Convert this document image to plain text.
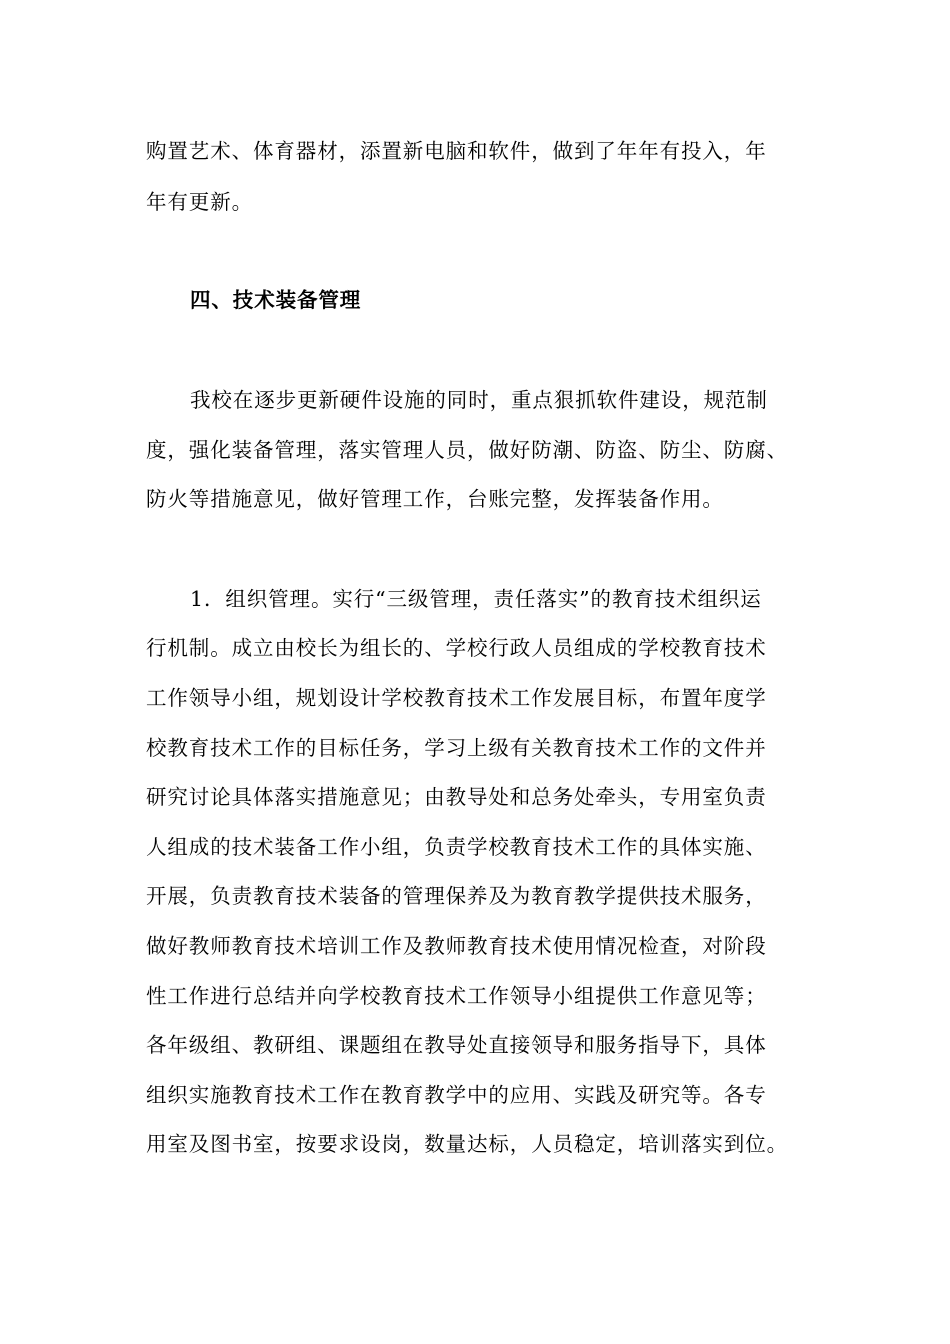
购置艺术、体育器材，添置新电脑和软件，做到了年年有投入，年
年有更新。
四、技术装备管理
我校在逐步更新硬件设施的同时，重点狠抓软件建设，规范制
度，强化装备管理，落实管理人员，做好防潮、防盗、防尘、防腐、
防火等措施意见，做好管理工作，台账完整，发挥装备作用。
1．组织管理。实行“三级管理，责任落实”的教育技术组织运
行机制。成立由校长为组长的、学校行政人员组成的学校教育技术
工作领导小组，规划设计学校教育技术工作发展目标，布置年度学
校教育技术工作的目标任务，学习上级有关教育技术工作的文件并
研究讨论具体落实措施意见；由教导处和总务处牵头，专用室负责
人组成的技术装备工作小组，负责学校教育技术工作的具体实施、
开展，负责教育技术装备的管理保养及为教育教学提供技术服务，
做好教师教育技术培训工作及教师教育技术使用情况检查，对阶段
性工作进行总结并向学校教育技术工作领导小组提供工作意见等；
各年级组、教研组、课题组在教导处直接领导和服务指导下，具体
组织实施教育技术工作在教育教学中的应用、实践及研究等。各专
用室及图书室，按要求设岗，数量达标，人员稳定，培训落实到位。
